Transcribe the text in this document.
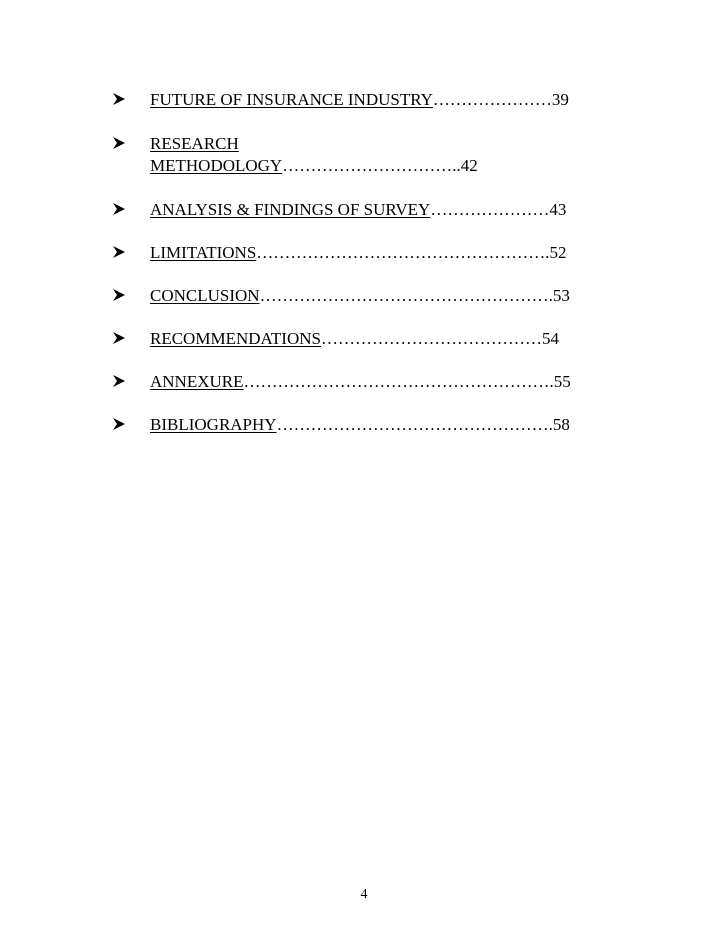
FUTURE OF INSURANCE INDUSTRY…………………39
RESEARCH
METHODOLOGY…………………………..42
ANALYSIS & FINDINGS OF SURVEY…………………43
LIMITATIONS…………………………………………….52
CONCLUSION…………………………………………….53
RECOMMENDATIONS…………………………………54
ANNEXURE……………………………………………….55
BIBLIOGRAPHY………………………………………….58
4
